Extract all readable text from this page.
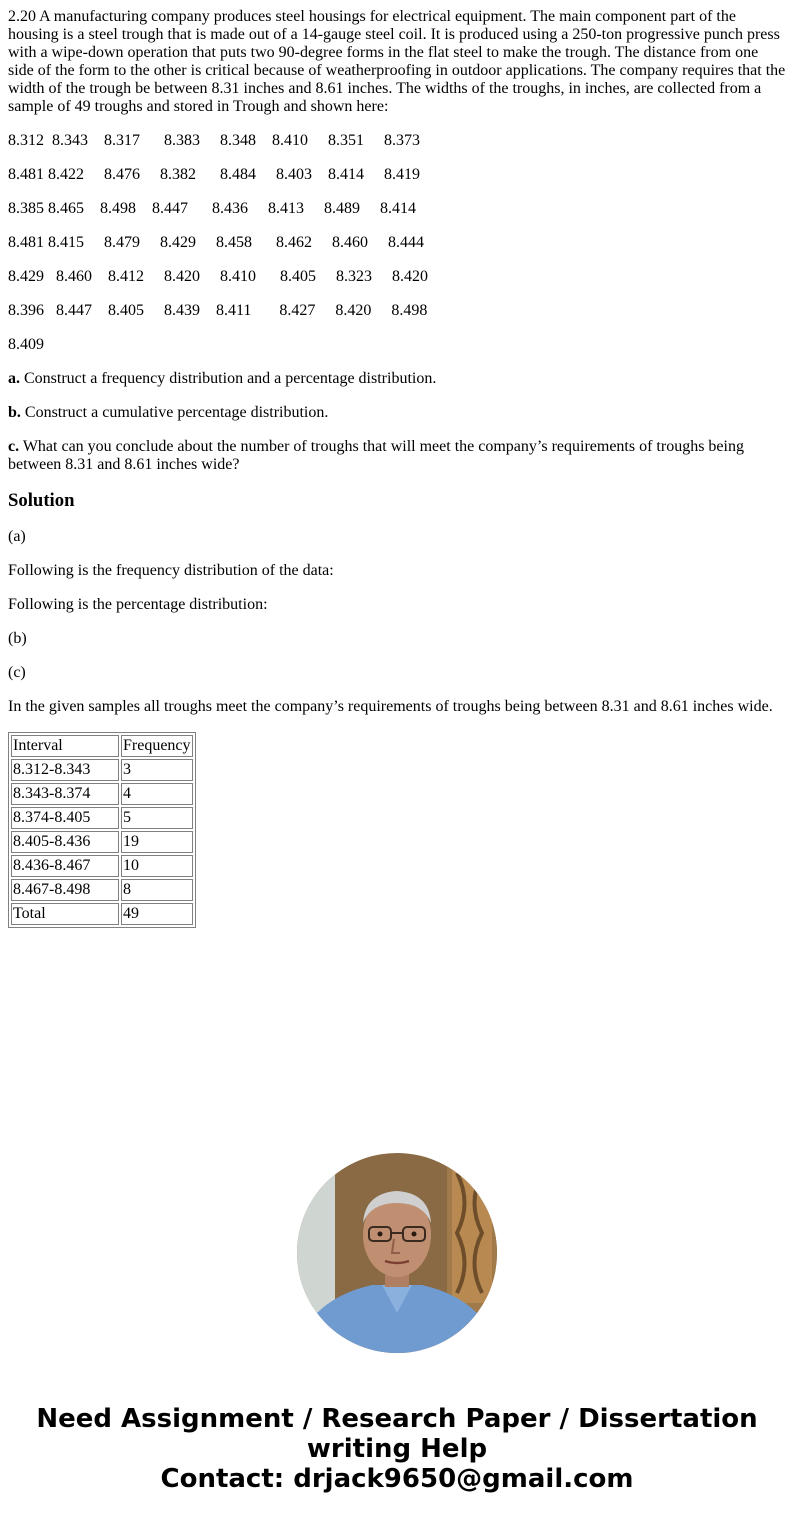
2.20 A manufacturing company produces steel housings for electrical equipment. The main component part of the housing is a steel trough that is made out of a 14-gauge steel coil. It is produced using a 250-ton progressive punch press with a wipe-down operation that puts two 90-degree forms in the flat steel to make the trough. The distance from one side of the form to the other is critical because of weatherproofing in outdoor applications. The company requires that the width of the trough be between 8.31 inches and 8.61 inches. The widths of the troughs, in inches, are collected from a sample of 49 troughs and stored in Trough and shown here:

8.312 8.343 8.317 8.383 8.348 8.410 8.351 8.373
8.481 8.422 8.476 8.382 8.484 8.403 8.414 8.419
8.385 8.465 8.498 8.447 8.436 8.413 8.489 8.414
8.481 8.415 8.479 8.429 8.458 8.462 8.460 8.444
8.429 8.460 8.412 8.420 8.410 8.405 8.323 8.420
8.396 8.447 8.405 8.439 8.411 8.427 8.420 8.498
8.409

a. Construct a frequency distribution and a percentage distribution.

b. Construct a cumulative percentage distribution.

c. What can you conclude about the number of troughs that will meet the company’s requirements of troughs being between 8.31 and 8.61 inches wide?

Solution

(a)

Following is the frequency distribution of the data:

Following is the percentage distribution:

(b)

(c)

In the given samples all troughs meet the company’s requirements of troughs being between 8.31 and 8.61 inches wide.

Interval	Frequency
8.312-8.343	3
8.343-8.374	4
8.374-8.405	5
8.405-8.436	19
8.436-8.467	10
8.467-8.498	8
Total	49
Need Assignment / Research Paper / Dissertation
writing Help
Contact: drjack9650@gmail.com
